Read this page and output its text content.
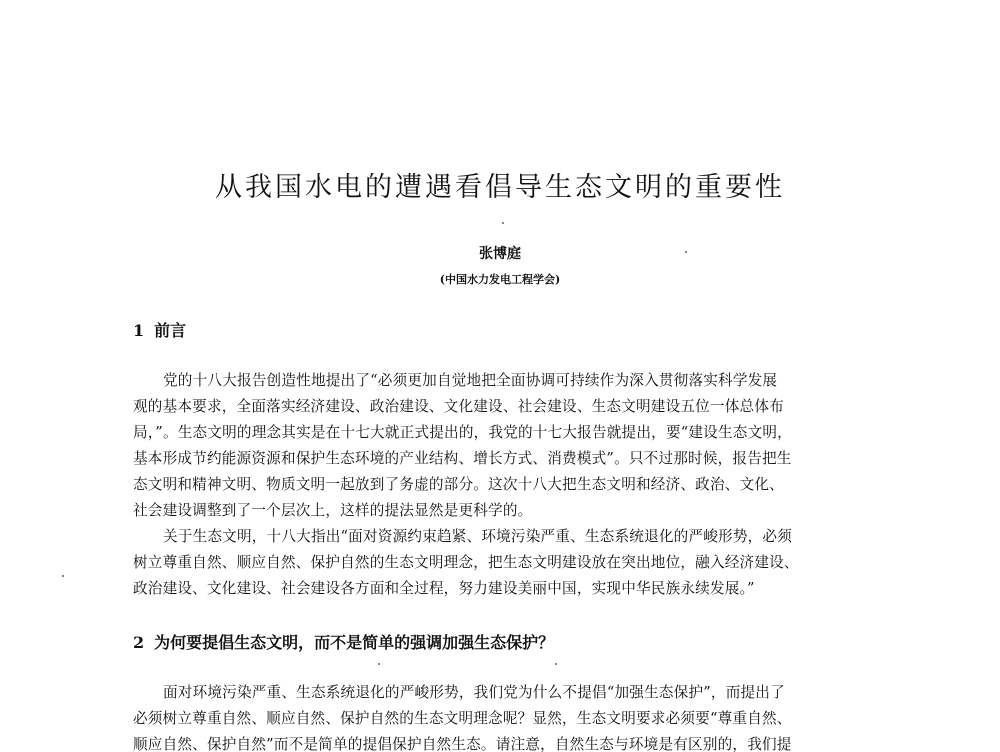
从我国水电的遭遇看倡导生态文明的重要性
张博庭
(中国水力发电工程学会)
1 前言
党的十八大报告创造性地提出了“必须更加自觉地把全面协调可持续作为深入贯彻落实科学发展
观的基本要求，全面落实经济建设、政治建设、文化建设、社会建设、生态文明建设五位一体总体布
局，”。生态文明的理念其实是在十七大就正式提出的，我党的十七大报告就提出，要“建设生态文明，
基本形成节约能源资源和保护生态环境的产业结构、增长方式、消费模式”。只不过那时候，报告把生
态文明和精神文明、物质文明一起放到了务虚的部分。这次十八大把生态文明和经济、政治、文化、
社会建设调整到了一个层次上，这样的提法显然是更科学的。
关于生态文明，十八大指出“面对资源约束趋紧、环境污染严重、生态系统退化的严峻形势，必须
树立尊重自然、顺应自然、保护自然的生态文明理念，把生态文明建设放在突出地位，融入经济建设、
政治建设、文化建设、社会建设各方面和全过程，努力建设美丽中国，实现中华民族永续发展。”
2 为何要提倡生态文明，而不是简单的强调加强生态保护？
面对环境污染严重、生态系统退化的严峻形势，我们党为什么不提倡“加强生态保护”，而提出了
必须树立尊重自然、顺应自然、保护自然的生态文明理念呢？显然，生态文明要求必须要“尊重自然、
顺应自然、保护自然”而不是简单的提倡保护自然生态。请注意，自然生态与环境是有区别的，我们提
